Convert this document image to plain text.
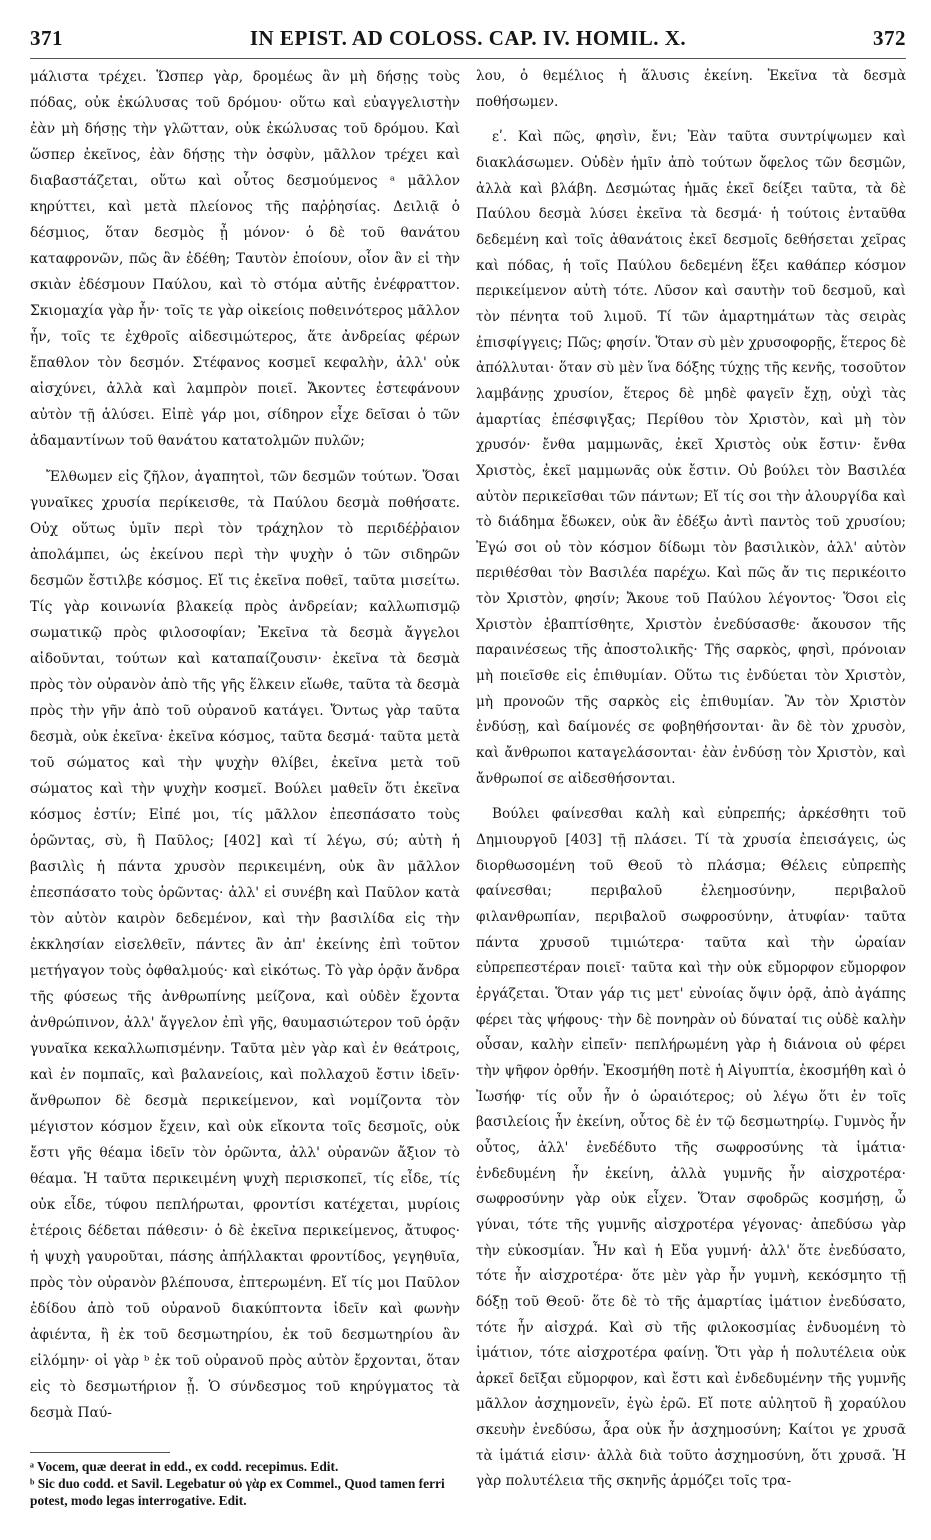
371	IN EPIST. AD COLOSS. CAP. IV. HOMIL. X.	372

μάλιστα τρέχει. Ὥσπερ γὰρ, δρομέως ἂν μὴ δήσῃς τοὺς πόδας, οὐκ ἐκώλυσας τοῦ δρόμου· οὕτω καὶ εὐαγγελιστὴν ἐὰν μὴ δήσῃς τὴν γλῶτταν, οὐκ ἐκώλυσας τοῦ δρόμου. Καὶ ὥσπερ ἐκεῖνος, ἐὰν δήσῃς τὴν ὀσφὺν, μᾶλλον τρέχει καὶ διαβαστάζεται, οὕτω καὶ οὗτος δεσμούμενος ᵃ μᾶλλον κηρύττει, καὶ μετὰ πλείονος τῆς παῤῥησίας. Δειλιᾷ ὁ δέσμιος, ὅταν δεσμὸς ᾖ μόνον· ὁ δὲ τοῦ θανάτου καταφρονῶν, πῶς ἂν ἐδέθη; Ταυτὸν ἐποίουν, οἷον ἂν εἰ τὴν σκιὰν ἐδέσμουν Παύλου, καὶ τὸ στόμα αὐτῆς ἐνέφραττον. Σκιομαχία γὰρ ἦν· τοῖς τε γὰρ οἰκείοις ποθεινότερος μᾶλλον ἦν, τοῖς τε ἐχθροῖς αἰδεσιμώτερος, ἅτε ἀνδρείας φέρων ἔπαθλον τὸν δεσμόν. Στέφανος κοσμεῖ κεφαλὴν, ἀλλ' οὐκ αἰσχύνει, ἀλλὰ καὶ λαμπρὸν ποιεῖ. Ἄκοντες ἐστεφάνουν αὐτὸν τῇ ἁλύσει. Εἰπὲ γάρ μοι, σίδηρον εἶχε δεῖσαι ὁ τῶν ἀδαμαντίνων τοῦ θανάτου κατατολμῶν πυλῶν;

Ἔλθωμεν εἰς ζῆλον, ἀγαπητοὶ, τῶν δεσμῶν τούτων. Ὅσαι γυναῖκες χρυσία περίκεισθε, τὰ Παύλου δεσμὰ ποθήσατε. Οὐχ οὕτως ὑμῖν περὶ τὸν τράχηλον τὸ περιδέῤῥαιον ἀπολάμπει, ὡς ἐκείνου περὶ τὴν ψυχὴν ὁ τῶν σιδηρῶν δεσμῶν ἔστιλβε κόσμος. Εἴ τις ἐκεῖνα ποθεῖ, ταῦτα μισείτω. Τίς γὰρ κοινωνία βλακείᾳ πρὸς ἀνδρείαν; καλλωπισμῷ σωματικῷ πρὸς φιλοσοφίαν; Ἐκεῖνα τὰ δεσμὰ ἄγγελοι αἰδοῦνται, τούτων καὶ καταπαίζουσιν· ἐκεῖνα τὰ δεσμὰ πρὸς τὸν οὐρανὸν ἀπὸ τῆς γῆς ἕλκειν εἴωθε, ταῦτα τὰ δεσμὰ πρὸς τὴν γῆν ἀπὸ τοῦ οὐρανοῦ κατάγει. Ὄντως γὰρ ταῦτα δεσμὰ, οὐκ ἐκεῖνα· ἐκεῖνα κόσμος, ταῦτα δεσμά· ταῦτα μετὰ τοῦ σώματος καὶ τὴν ψυχὴν θλίβει, ἐκεῖνα μετὰ τοῦ σώματος καὶ τὴν ψυχὴν κοσμεῖ. Βούλει μαθεῖν ὅτι ἐκεῖνα κόσμος ἐστίν; Εἰπέ μοι, τίς μᾶλλον ἐπεσπάσατο τοὺς ὁρῶντας, σὺ, ἢ Παῦλος; [402] καὶ τί λέγω, σύ; αὐτὴ ἡ βασιλὶς ἡ πάντα χρυσὸν περικειμένη, οὐκ ἂν μᾶλλον ἐπεσπάσατο τοὺς ὁρῶντας· ἀλλ' εἰ συνέβη καὶ Παῦλον κατὰ τὸν αὐτὸν καιρὸν δεδεμένον, καὶ τὴν βασιλίδα εἰς τὴν ἐκκλησίαν εἰσελθεῖν, πάντες ἂν ἀπ' ἐκείνης ἐπὶ τοῦτον μετήγαγον τοὺς ὀφθαλμούς· καὶ εἰκότως. Τὸ γὰρ ὁρᾷν ἄνδρα τῆς φύσεως τῆς ἀνθρωπίνης μείζονα, καὶ οὐδὲν ἔχοντα ἀνθρώπινον, ἀλλ' ἄγγελον ἐπὶ γῆς, θαυμασιώτερον τοῦ ὁρᾷν γυναῖκα κεκαλλωπισμένην. Ταῦτα μὲν γὰρ καὶ ἐν θεάτροις, καὶ ἐν πομπαῖς, καὶ βαλανείοις, καὶ πολλαχοῦ ἔστιν ἰδεῖν· ἄνθρωπον δὲ δεσμὰ περικείμενον, καὶ νομίζοντα τὸν μέγιστον κόσμον ἔχειν, καὶ οὐκ εἴκοντα τοῖς δεσμοῖς, οὐκ ἔστι γῆς θέαμα ἰδεῖν τὸν ὁρῶντα, ἀλλ' οὐρανῶν ἄξιον τὸ θέαμα. Ἡ ταῦτα περικειμένη ψυχὴ περισκοπεῖ, τίς εἶδε, τίς οὐκ εἶδε, τύφου πεπλήρωται, φροντίσι κατέχεται, μυρίοις ἑτέροις δέδεται πάθεσιν· ὁ δὲ ἐκεῖνα περικείμενος, ἄτυφος· ἡ ψυχὴ γαυροῦται, πάσης ἀπήλλακται φροντίδος, γεγηθυῖα, πρὸς τὸν οὐρανὸν βλέπουσα, ἐπτερωμένη. Εἴ τίς μοι Παῦλον ἐδίδου ἀπὸ τοῦ οὐρανοῦ διακύπτοντα ἰδεῖν καὶ φωνὴν ἀφιέντα, ἢ ἐκ τοῦ δεσμωτηρίου, ἐκ τοῦ δεσμωτηρίου ἂν εἱλόμην· οἱ γὰρ ᵇ ἐκ τοῦ οὐρανοῦ πρὸς αὐτὸν ἔρχονται, ὅταν εἰς τὸ δεσμωτήριον ᾖ. Ὁ σύνδεσμος τοῦ κηρύγματος τὰ δεσμὰ Παύ-

λου, ὁ θεμέλιος ἡ ἅλυσις ἐκείνη. Ἐκεῖνα τὰ δεσμὰ ποθήσωμεν.

εʹ. Καὶ πῶς, φησὶν, ἔνι; Ἐὰν ταῦτα συντρίψωμεν καὶ διακλάσωμεν. Οὐδὲν ἡμῖν ἀπὸ τούτων ὄφελος τῶν δεσμῶν, ἀλλὰ καὶ βλάβη. Δεσμώτας ἡμᾶς ἐκεῖ δείξει ταῦτα, τὰ δὲ Παύλου δεσμὰ λύσει ἐκεῖνα τὰ δεσμά· ἡ τούτοις ἐνταῦθα δεδεμένη καὶ τοῖς ἀθανάτοις ἐκεῖ δεσμοῖς δεθήσεται χεῖρας καὶ πόδας, ἡ τοῖς Παύλου δεδεμένη ἕξει καθάπερ κόσμον περικείμενον αὐτὴ τότε. Λῦσον καὶ σαυτὴν τοῦ δεσμοῦ, καὶ τὸν πένητα τοῦ λιμοῦ. Τί τῶν ἁμαρτημάτων τὰς σειρὰς ἐπισφίγγεις; Πῶς; φησίν. Ὅταν σὺ μὲν χρυσοφορῇς, ἕτερος δὲ ἀπόλλυται· ὅταν σὺ μὲν ἵνα δόξης τύχῃς τῆς κενῆς, τοσοῦτον λαμβάνῃς χρυσίον, ἕτερος δὲ μηδὲ φαγεῖν ἔχῃ, οὐχὶ τὰς ἁμαρτίας ἐπέσφιγξας; Περίθου τὸν Χριστὸν, καὶ μὴ τὸν χρυσόν· ἔνθα μαμμωνᾶς, ἐκεῖ Χριστὸς οὐκ ἔστιν· ἔνθα Χριστὸς, ἐκεῖ μαμμωνᾶς οὐκ ἔστιν. Οὐ βούλει τὸν Βασιλέα αὐτὸν περικεῖσθαι τῶν πάντων; Εἴ τίς σοι τὴν ἁλουργίδα καὶ τὸ διάδημα ἔδωκεν, οὐκ ἂν ἐδέξω ἀντὶ παντὸς τοῦ χρυσίου; Ἐγώ σοι οὐ τὸν κόσμον δίδωμι τὸν βασιλικὸν, ἀλλ' αὐτὸν περιθέσθαι τὸν Βασιλέα παρέχω. Καὶ πῶς ἄν τις περικέοιτο τὸν Χριστὸν, φησίν; Ἄκουε τοῦ Παύλου λέγοντος· Ὅσοι εἰς Χριστὸν ἐβαπτίσθητε, Χριστὸν ἐνεδύσασθε· ἄκουσον τῆς παραινέσεως τῆς ἀποστολικῆς· Τῆς σαρκὸς, φησὶ, πρόνοιαν μὴ ποιεῖσθε εἰς ἐπιθυμίαν. Οὕτω τις ἐνδύεται τὸν Χριστὸν, μὴ προνοῶν τῆς σαρκὸς εἰς ἐπιθυμίαν. Ἂν τὸν Χριστὸν ἐνδύσῃ, καὶ δαίμονές σε φοβηθήσονται· ἂν δὲ τὸν χρυσὸν, καὶ ἄνθρωποι καταγελάσονται· ἐὰν ἐνδύσῃ τὸν Χριστὸν, καὶ ἄνθρωποί σε αἰδεσθήσονται.

Βούλει φαίνεσθαι καλὴ καὶ εὐπρεπής; ἀρκέσθητι τοῦ Δημιουργοῦ [403] τῇ πλάσει. Τί τὰ χρυσία ἐπεισάγεις, ὡς διορθωσομένη τοῦ Θεοῦ τὸ πλάσμα; Θέλεις εὐπρεπὴς φαίνεσθαι; περιβαλοῦ ἐλεημοσύνην, περιβαλοῦ φιλανθρωπίαν, περιβαλοῦ σωφροσύνην, ἀτυφίαν· ταῦτα πάντα χρυσοῦ τιμιώτερα· ταῦτα καὶ τὴν ὡραίαν εὐπρεπεστέραν ποιεῖ· ταῦτα καὶ τὴν οὐκ εὔμορφον εὔμορφον ἐργάζεται. Ὅταν γάρ τις μετ' εὐνοίας ὄψιν ὁρᾷ, ἀπὸ ἀγάπης φέρει τὰς ψήφους· τὴν δὲ πονηρὰν οὐ δύναταί τις οὐδὲ καλὴν οὖσαν, καλὴν εἰπεῖν· πεπλήρωμένη γὰρ ἡ διάνοια οὐ φέρει τὴν ψῆφον ὀρθήν. Ἐκοσμήθη ποτὲ ἡ Αἰγυπτία, ἐκοσμήθη καὶ ὁ Ἰωσήφ· τίς οὖν ἦν ὁ ὡραιότερος; οὐ λέγω ὅτι ἐν τοῖς βασιλείοις ἦν ἐκείνη, οὗτος δὲ ἐν τῷ δεσμωτηρίῳ. Γυμνὸς ἦν οὗτος, ἀλλ' ἐνεδέδυτο τῆς σωφροσύνης τὰ ἱμάτια· ἐνδεδυμένη ἦν ἐκείνη, ἀλλὰ γυμνῆς ἦν αἰσχροτέρα· σωφροσύνην γὰρ οὐκ εἶχεν. Ὅταν σφοδρῶς κοσμήσῃ, ὦ γύναι, τότε τῆς γυμνῆς αἰσχροτέρα γέγονας· ἀπεδύσω γὰρ τὴν εὐκοσμίαν. Ἦν καὶ ἡ Εὔα γυμνή· ἀλλ' ὅτε ἐνεδύσατο, τότε ἦν αἰσχροτέρα· ὅτε μὲν γὰρ ἦν γυμνὴ, κεκόσμητο τῇ δόξῃ τοῦ Θεοῦ· ὅτε δὲ τὸ τῆς ἁμαρτίας ἱμάτιον ἐνεδύσατο, τότε ἦν αἰσχρά. Καὶ σὺ τῆς φιλοκοσμίας ἐνδυομένη τὸ ἱμάτιον, τότε αἰσχροτέρα φαίνῃ. Ὅτι γὰρ ἡ πολυτέλεια οὐκ ἀρκεῖ δεῖξαι εὔμορφον, καὶ ἔστι καὶ ἐνδεδυμένην τῆς γυμνῆς μᾶλλον ἀσχημονεῖν, ἐγὼ ἐρῶ. Εἴ ποτε αὐλητοῦ ἢ χοραύλου σκευὴν ἐνεδύσω, ἆρα οὐκ ἦν ἀσχημοσύνη; Καίτοι γε χρυσᾶ τὰ ἱμάτιά εἰσιν· ἀλλὰ διὰ τοῦτο ἀσχημοσύνη, ὅτι χρυσᾶ. Ἡ γὰρ πολυτέλεια τῆς σκηνῆς ἁρμόζει τοῖς τρα-

ᵃ Vocem, quæ deerat in edd., ex codd. recepimus. Edit.

ᵇ Sic duo codd. et Savil. Legebatur οὐ γὰρ ex Commel., Quod tamen ferri potest, modo legas interrogative. Edit.
